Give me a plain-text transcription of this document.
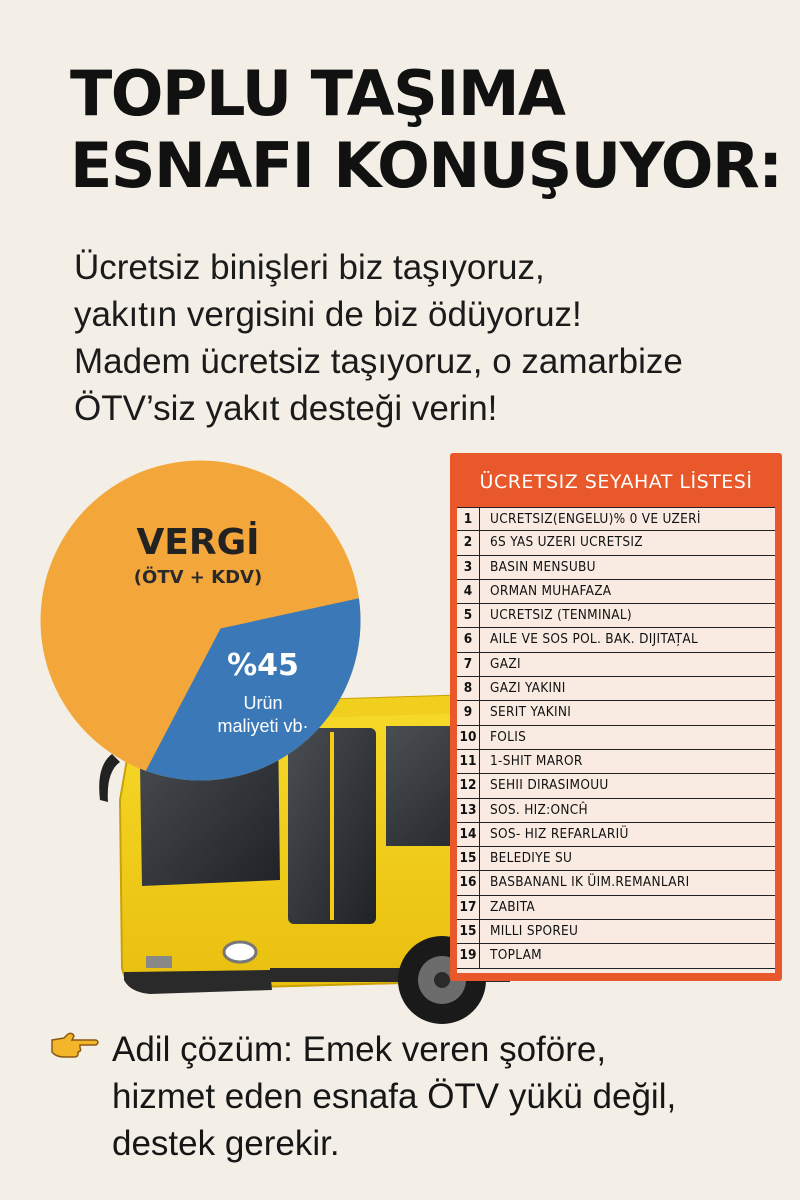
TOPLU TAŞIMA
ESNAFI KONUŞUYOR:
Ücretsiz binişleri biz taşıyoruz,
yakıtın vergisini de biz ödüyoruz!
Madem ücretsiz taşıyoruz, o zamarbize
ÖTV’siz yakıt desteği verin!
VERGİ
(ÖTV + KDV)
%45
Urün
maliyeti vb·
ÜCRETSIZ SEYAHAT LİSTESİ
1	UCRETSIZ(ENGELU)% 0 VE UZERİ
2	6S YAS UZERI UCRETSIZ
3	BASIN MENSUBU
4	ORMAN MUHAFAZA
5	UCRETSIZ (TENMINAL)
6	AILE VE SOS POL. BAK. DIJITAȚAL
7	GAZI
8	GAZI YAKINI
9	SERIT YAKINI
10	FOLIS
11	1-SHIT MAROR
12	SEHII DIRASIMOUU
13	SOS. HIZ:ONCĤ
14	SOS- HIZ REFARLARIÜ
15	BELEDIYE SU
16	BASBANANL IK ÜIM.REMANLARI
17	ZABITA
15	MILLI SPOREU
19	TOPLAM
Adil çözüm: Emek veren şoföre,
hizmet eden esnafa ÖTV yükü değil,
destek gerekir.
